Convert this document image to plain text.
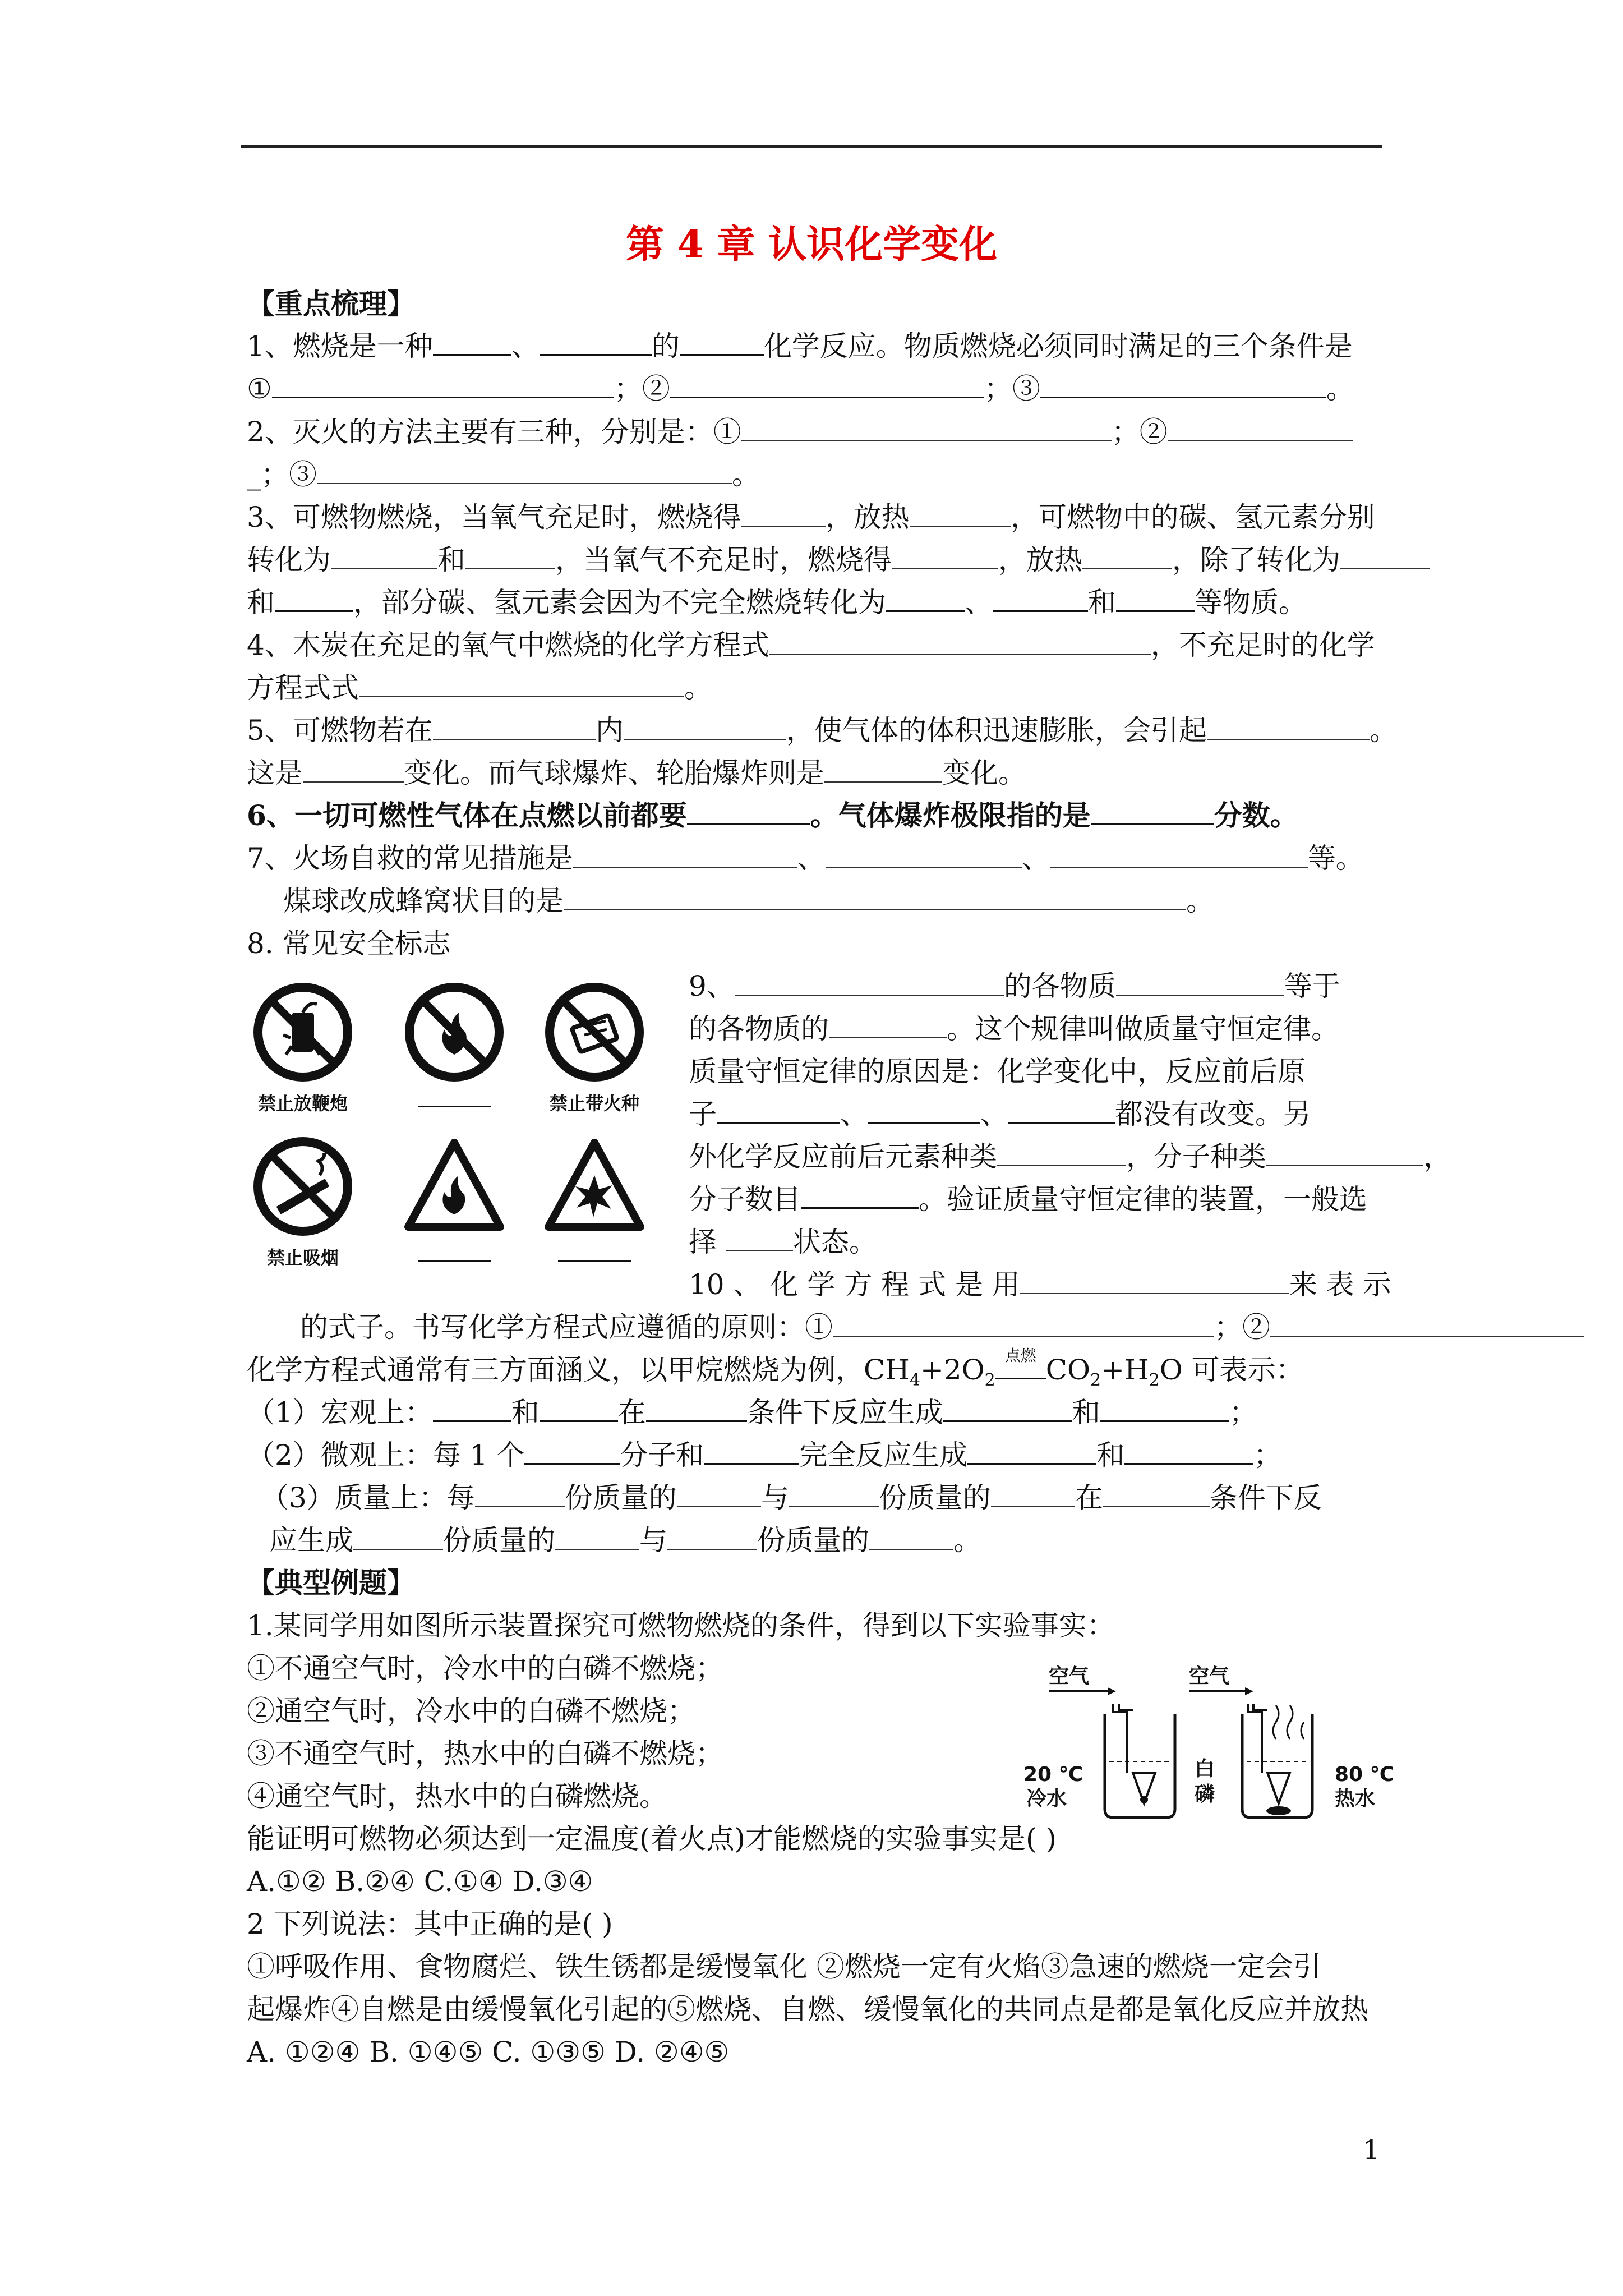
第 4 章 认识化学变化
【重点梳理】
1、燃烧是一种	、	的	化学反应。物质燃烧必须同时满足的三个条件是
①	；②	；③	。
2、灭火的方法主要有三种，分别是：①	；②
_；③	。
3、可燃物燃烧，当氧气充足时，燃烧得	，放热	，可燃物中的碳、氢元素分别
转化为	和	，当氧气不充足时，燃烧得	，放热	，除了转化为
和	，部分碳、氢元素会因为不完全燃烧转化为	、	和	等物质。
4、木炭在充足的氧气中燃烧的化学方程式	，不充足时的化学
方程式式	。
5、可燃物若在	内	，使气体的体积迅速膨胀，会引起	。
这是	变化。而气球爆炸、轮胎爆炸则是	变化。
6、一切可燃性气体在点燃以前都要	。气体爆炸极限指的是	分数。
7、火场自救的常见措施是	、	、	等。
煤球改成蜂窝状目的是	。
8. 常见安全标志
禁止放鞭炮	禁止带火种
禁止吸烟
9、	的各物质	等于
的各物质的	。这个规律叫做质量守恒定律。
质量守恒定律的原因是：化学变化中，反应前后原
子	、	、	都没有改变。另
外化学反应前后元素种类	，分子种类	，
分子数目	。验证质量守恒定律的装置，一般选
择	状态。
10 、 化 学 方 程 式 是 用	来 表 示
的式子。书写化学方程式应遵循的原则：①	；②
化学方程式通常有三方面涵义，以甲烷燃烧为例，$CH_4+2O_2$
点燃 $CO_2+H_2O$ 可表示：
（1）宏观上：	和	在	条件下反应生成	和	；
（2）微观上：每 1 个	分子和	完全反应生成	和	；
（3）质量上：每	份质量的	与	份质量的	在	条件下反
应生成	份质量的	与	份质量的	。
【典型例题】
1.某同学用如图所示装置探究可燃物燃烧的条件，得到以下实验事实：
①不通空气时，冷水中的白磷不燃烧；
②通空气时，冷水中的白磷不燃烧；
③不通空气时，热水中的白磷不燃烧；
④通空气时，热水中的白磷燃烧。
能证明可燃物必须达到一定温度(着火点)才能燃烧的实验事实是( )
A.①② B.②④ C.①④ D.③④
空气	空气
20 ℃
冷水
白
磷
80 ℃
热水
2 下列说法：其中正确的是( )
①呼吸作用、食物腐烂、铁生锈都是缓慢氧化 ②燃烧一定有火焰③急速的燃烧一定会引
起爆炸④自燃是由缓慢氧化引起的⑤燃烧、自燃、缓慢氧化的共同点是都是氧化反应并放热
A. ①②④ B. ①④⑤ C. ①③⑤ D. ②④⑤
1
